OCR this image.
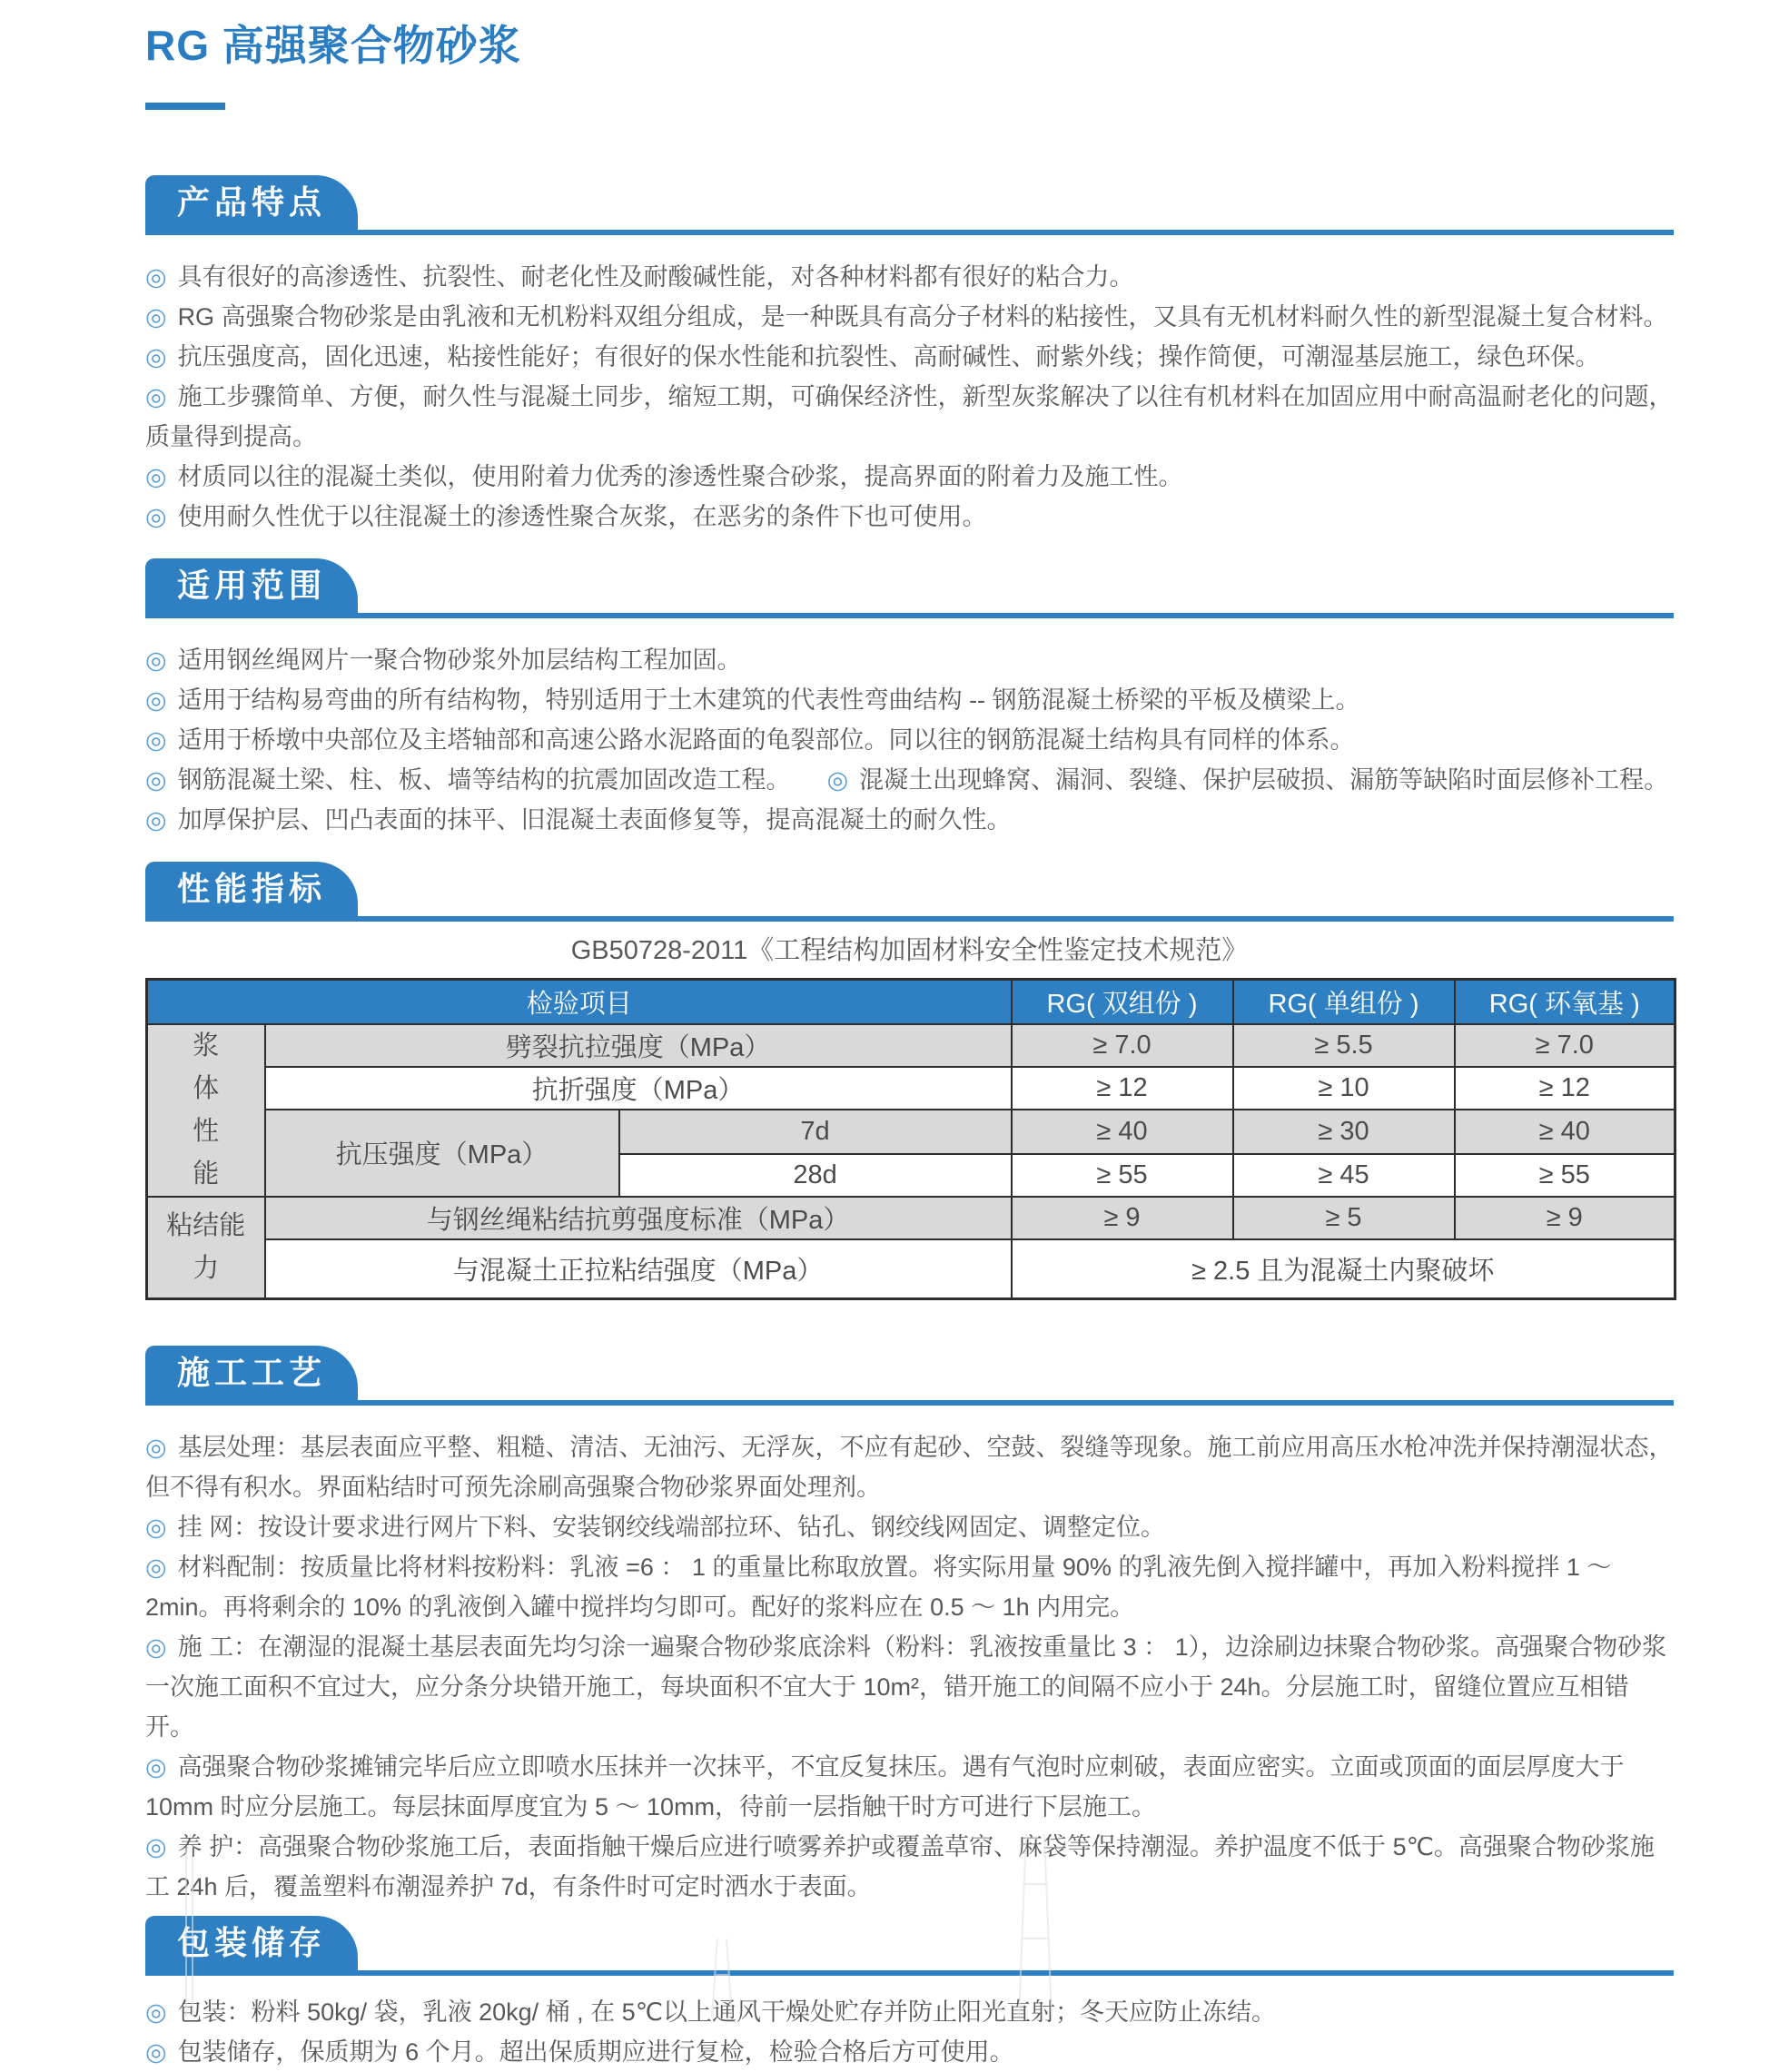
RG 高强聚合物砂浆
产品特点

◎ 具有很好的高渗透性、抗裂性、耐老化性及耐酸碱性能，对各种材料都有很好的粘合力。

◎ RG 高强聚合物砂浆是由乳液和无机粉料双组分组成，是一种既具有高分子材料的粘接性，又具有无机材料耐久性的新型混凝土复合材料。

◎ 抗压强度高，固化迅速，粘接性能好；有很好的保水性能和抗裂性、高耐碱性、耐紫外线；操作简便，可潮湿基层施工，绿色环保。

◎ 施工步骤简单、方便，耐久性与混凝土同步，缩短工期，可确保经济性，新型灰浆解决了以往有机材料在加固应用中耐高温耐老化的问题，质量得到提高。

◎ 材质同以往的混凝土类似，使用附着力优秀的渗透性聚合砂浆，提高界面的附着力及施工性。

◎ 使用耐久性优于以往混凝土的渗透性聚合灰浆，在恶劣的条件下也可使用。

适用范围

◎ 适用钢丝绳网片一聚合物砂浆外加层结构工程加固。

◎ 适用于结构易弯曲的所有结构物，特别适用于土木建筑的代表性弯曲结构 -- 钢筋混凝土桥梁的平板及横梁上。

◎ 适用于桥墩中央部位及主塔轴部和高速公路水泥路面的龟裂部位。同以往的钢筋混凝土结构具有同样的体系。

◎ 钢筋混凝土梁、柱、板、墙等结构的抗震加固改造工程。 ◎ 混凝土出现蜂窝、漏洞、裂缝、保护层破损、漏筋等缺陷时面层修补工程。

◎ 加厚保护层、凹凸表面的抹平、旧混凝土表面修复等，提高混凝土的耐久性。

性能指标
GB50728-2011《工程结构加固材料安全性鉴定技术规范》
检验项目			RG( 双组份 )	RG( 单组份 )	RG( 环氧基 )
浆体性能	劈裂抗拉强度（MPa）		≥ 7.0	≥ 5.5	≥ 7.0
	抗折强度（MPa）		≥ 12	≥ 10	≥ 12
	抗压强度（MPa）	7d	≥ 40	≥ 30	≥ 40
		28d	≥ 55	≥ 45	≥ 55
粘结能力	与钢丝绳粘结抗剪强度标准（MPa）		≥ 9	≥ 5	≥ 9
	与混凝土正拉粘结强度（MPa）		≥ 2.5 且为混凝土内聚破坏		
施工工艺

◎ 基层处理：基层表面应平整、粗糙、清洁、无油污、无浮灰，不应有起砂、空鼓、裂缝等现象。施工前应用高压水枪冲洗并保持潮湿状态，但不得有积水。界面粘结时可预先涂刷高强聚合物砂浆界面处理剂。

◎ 挂 网：按设计要求进行网片下料、安装钢绞线端部拉环、钻孔、钢绞线网固定、调整定位。

◎ 材料配制：按质量比将材料按粉料：乳液 =6 ： 1 的重量比称取放置。将实际用量 90% 的乳液先倒入搅拌罐中，再加入粉料搅拌 1 ～ 2min。再将剩余的 10% 的乳液倒入罐中搅拌均匀即可。配好的浆料应在 0.5 ～ 1h 内用完。

◎ 施 工：在潮湿的混凝土基层表面先均匀涂一遍聚合物砂浆底涂料（粉料：乳液按重量比 3 ： 1），边涂刷边抹聚合物砂浆。高强聚合物砂浆一次施工面积不宜过大，应分条分块错开施工，每块面积不宜大于 10m²，错开施工的间隔不应小于 24h。分层施工时，留缝位置应互相错开。

◎ 高强聚合物砂浆摊铺完毕后应立即喷水压抹并一次抹平，不宜反复抹压。遇有气泡时应刺破，表面应密实。立面或顶面的面层厚度大于 10mm 时应分层施工。每层抹面厚度宜为 5 ～ 10mm，待前一层指触干时方可进行下层施工。

◎ 养 护：高强聚合物砂浆施工后，表面指触干燥后应进行喷雾养护或覆盖草帘、麻袋等保持潮湿。养护温度不低于 5℃。高强聚合物砂浆施工 24h 后，覆盖塑料布潮湿养护 7d，有条件时可定时洒水于表面。

包装储存

◎ 包装：粉料 50kg/ 袋，乳液 20kg/ 桶 , 在 5℃以上通风干燥处贮存并防止阳光直射；冬天应防止冻结。

◎ 包装储存，保质期为 6 个月。超出保质期应进行复检，检验合格后方可使用。
